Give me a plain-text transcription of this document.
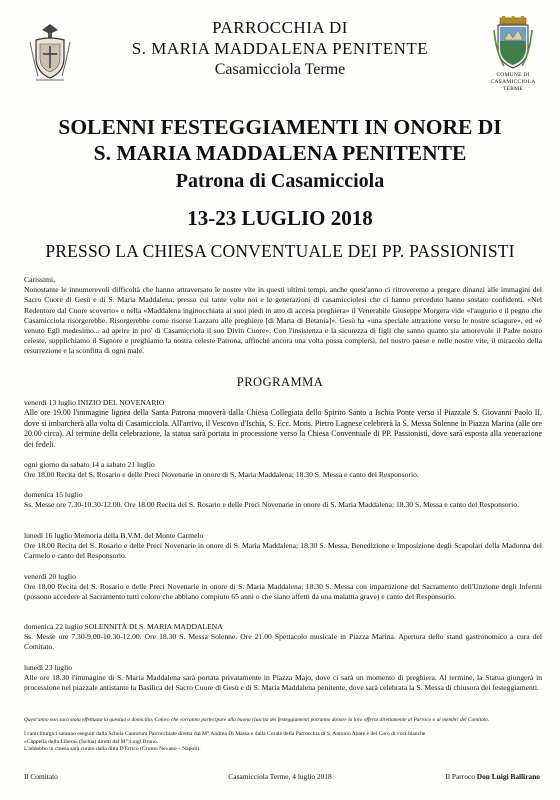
PARROCCHIA DI
S. MARIA MADDALENA PENITENTE
Casamicciola Terme	COMUNE DI
CASAMICCIOLA TERME
SOLENNI FESTEGGIAMENTI IN ONORE DI
S. MARIA MADDALENA PENITENTE
Patrona di Casamicciola
13-23 LUGLIO 2018
PRESSO LA CHIESA CONVENTUALE DEI PP. PASSIONISTI

Carissimi,

Nonostante le innumerevoli difficoltà che hanno attraversato le nostre vite in questi ultimi tempi, anche quest'anno ci ritroveremo a pregare dinanzi alle immagini del Sacro Cuore di Gesù e di S. Maria Maddalena, presso cui tante volte noi e le generazioni di casamicciolesi che ci hanno preceduto hanno sostato confidenti. «Nel Redentore dal Cuore scoverto» e nella «Maddalena inginocchiata ai suoi piedi in atto di accesa preghiera» il Venerabile Giuseppe Morgera vide «l'augurio e il pegno che Casamicciola risorgerebbe. Risorgerebbe come risorse Lazzaro alle preghiere [di Marta di Betania]». Gesù ha «una speciale attrazione verso le nostre sciagure», ed «è venuto Egli medesimo... ad aprire in pro' di Casamicciola il suo Divin Cuore». Con l'insistenza e la sicurezza di figli che sanno quanto sia amorevole il Padre nostro celeste, supplichiamo il Signore e preghiamo la nostra celeste Patrona, affinché ancora una volta possa compiersi, nel nostro paese e nelle nostre vite, il miracolo della resurrezione e la sconfitta di ogni male.

PROGRAMMA
venerdì 13 luglio INIZIO DEL NOVENARIO
Alle ore 19.00 l'immagine lignea della Santa Patrona muoverà dalla Chiesa Collegiata dello Spirito Santo a Ischia Ponte verso il Piazzale S. Giovanni Paolo II, dove si imbarcherà alla volta di Casamicciola. All'arrivo, il Vescovo d'Ischia, S. Ecc. Mons. Pietro Lagnese celebrerà la S. Messa Solenne in Piazza Marina (alle ore 20.00 circa). Al termine della celebrazione, la statua sarà portata in processione verso la Chiesa Conventuale di PP. Passionisti, dove sarà esposta alla venerazione dei fedeli.
ogni giorno da sabato 14 a sabato 21 luglio
Ore 18.00 Recita del S. Rosario e delle Preci Novenarie in onore di S. Maria Maddalena; 18.30 S. Messa e canto del Responsorio.
domenica 15 luglio
Ss. Messe ore 7.30-10.30-12.00. Ore 18.00 Recita del S. Rosario e delle Preci Novenarie in onore di S. Maria Maddalena; 18.30 S. Messa e canto del Responsorio.
lunedì 16 luglio Memoria della B.V.M. del Monte Carmelo
Ore 18.00 Recita del S. Rosario e delle Preci Novenarie in onore di S. Maria Maddalena; 18.30 S. Messa, Benedizione e Imposizione degli Scapolari della Madonna del Carmelo e canto del Responsorio.
venerdì 20 luglio
Ore 18.00 Recita del S. Rosario e delle Preci Novenarie in onore di S. Maria Maddalena; 18.30 S. Messa con impartizione del Sacramento dell'Unzione degli Infermi (possono accedere al Sacramento tutti coloro che abbiano compiuto 65 anni o che siano affetti da una malattia grave) e canto del Responsorio.
domenica 22 luglio SOLENNITÀ DI S. MARIA MADDALENA
Ss. Messe ore 7.30-9.00-10.30-12.00. Ore 18.30 S. Messa Solenne. Ore 21.00 Spettacolo musicale in Piazza Marina. Apertura dello stand gastronomico a cura del Comitato.
lunedì 23 luglio
Alle ore 18.30 l'immagine di S. Maria Maddalena sarà portata privatamente in Piazza Majo, dove ci sarà un momento di preghiera. Al termine, la Statua giungerà in processione nel piazzale antistante la Basilica del Sacro Cuore di Gesù e di S. Maria Maddalena penitente, dove sarà celebrata la S. Messa di chiusura dei festeggiamenti.
Quest'anno non sarà stata effettuata la questua a domicilio. Coloro che vorranno partecipare alla buona riuscita dei festeggiamenti potranno donare la loro offerta direttamente al Parroco o ai membri del Comitato.
I canti liturgici saranno eseguiti dalla Schola Cantorum Parrocchiale diretta dal M° Andrea Di Massa e dalla Corale della Parrocchia di S. Antonio Abate e del Coro di voci bianche
«Cappella della Libera» (Ischia) diretti dal M° Luigi Bruno.
L'addobbo in chiesa sarà curato dalla ditta D'Errico (Grumo Nevano – Napoli).
Il Comitato	Casamicciola Terme, 4 luglio 2018	Il Parroco Don Luigi Ballirano
